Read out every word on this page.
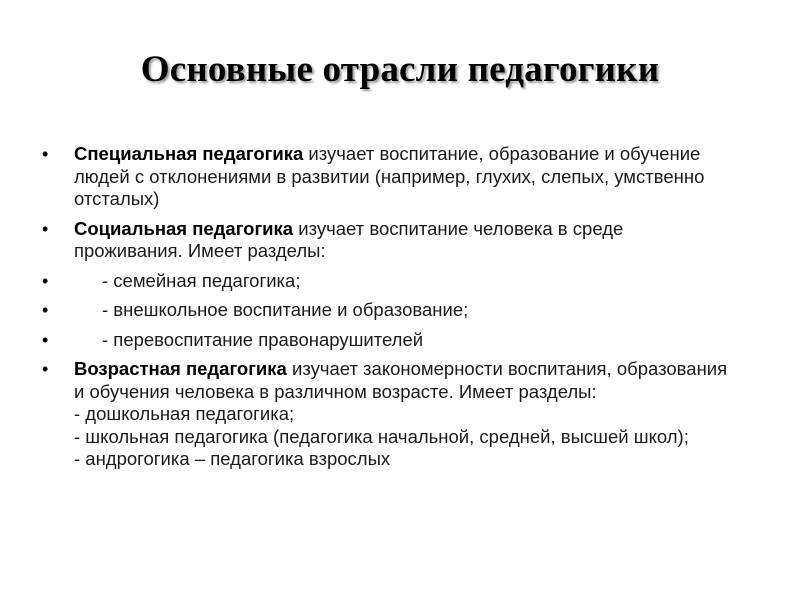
Основные отрасли педагогики
• Специальная педагогика изучает воспитание, образование и обучение людей с отклонениями в развитии (например, глухих, слепых, умственно отсталых)
• Социальная педагогика изучает воспитание человека в среде проживания. Имеет разделы:
•	- семейная педагогика;
•	- внешкольное воспитание и образование;
•	- перевоспитание правонарушителей
• Возрастная педагогика изучает закономерности воспитания, образования и обучения человека в различном возрасте. Имеет разделы:
- дошкольная педагогика;
- школьная педагогика (педагогика начальной, средней, высшей школ);
- андрогогика – педагогика взрослых
